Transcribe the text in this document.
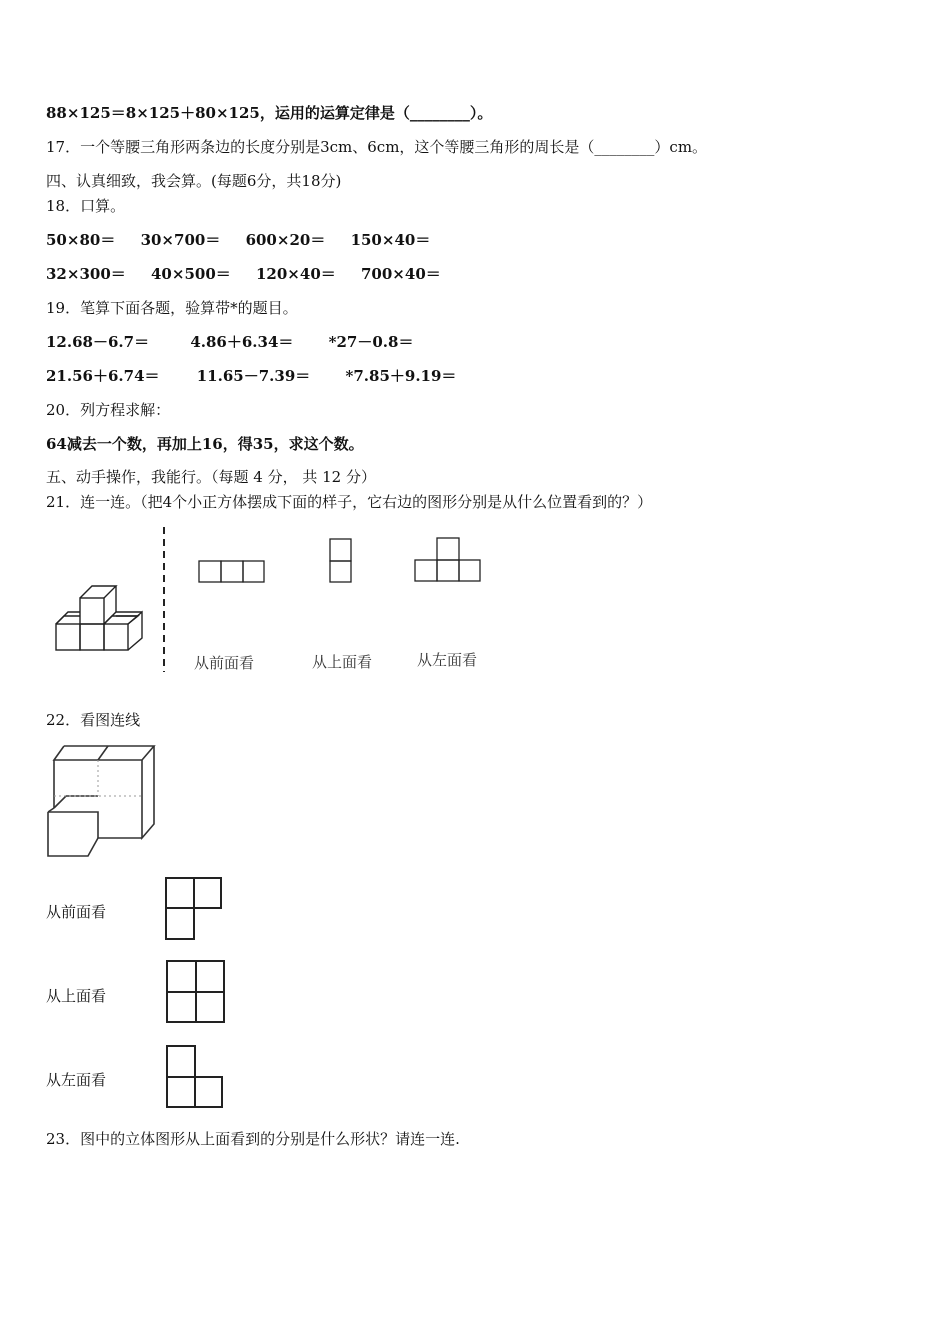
88×125＝8×125＋80×125，运用的运算定律是（________）。
17．一个等腰三角形两条边的长度分别是3cm、6cm，这个等腰三角形的周长是（________）cm。
四、认真细致，我会算。(每题6分，共18分)
18．口算。
50×80＝ 30×700＝ 600×20＝ 150×40＝
32×300＝ 40×500＝ 120×40＝ 700×40＝
19．笔算下面各题，验算带*的题目。
12.68－6.7＝	4.86＋6.34＝ *27－0.8＝
21.56＋6.74＝ 11.65－7.39＝ *7.85＋9.19＝
20．列方程求解：
64减去一个数，再加上16，得35，求这个数。
五、动手操作，我能行。（每题 4 分， 共 12 分）
21．连一连。（把4个小正方体摆成下面的样子，它右边的图形分别是从什么位置看到的？）
从前面看	从上面看	从左面看
22．看图连线
从前面看
从上面看
从左面看
23．图中的立体图形从上面看到的分别是什么形状？请连一连.
